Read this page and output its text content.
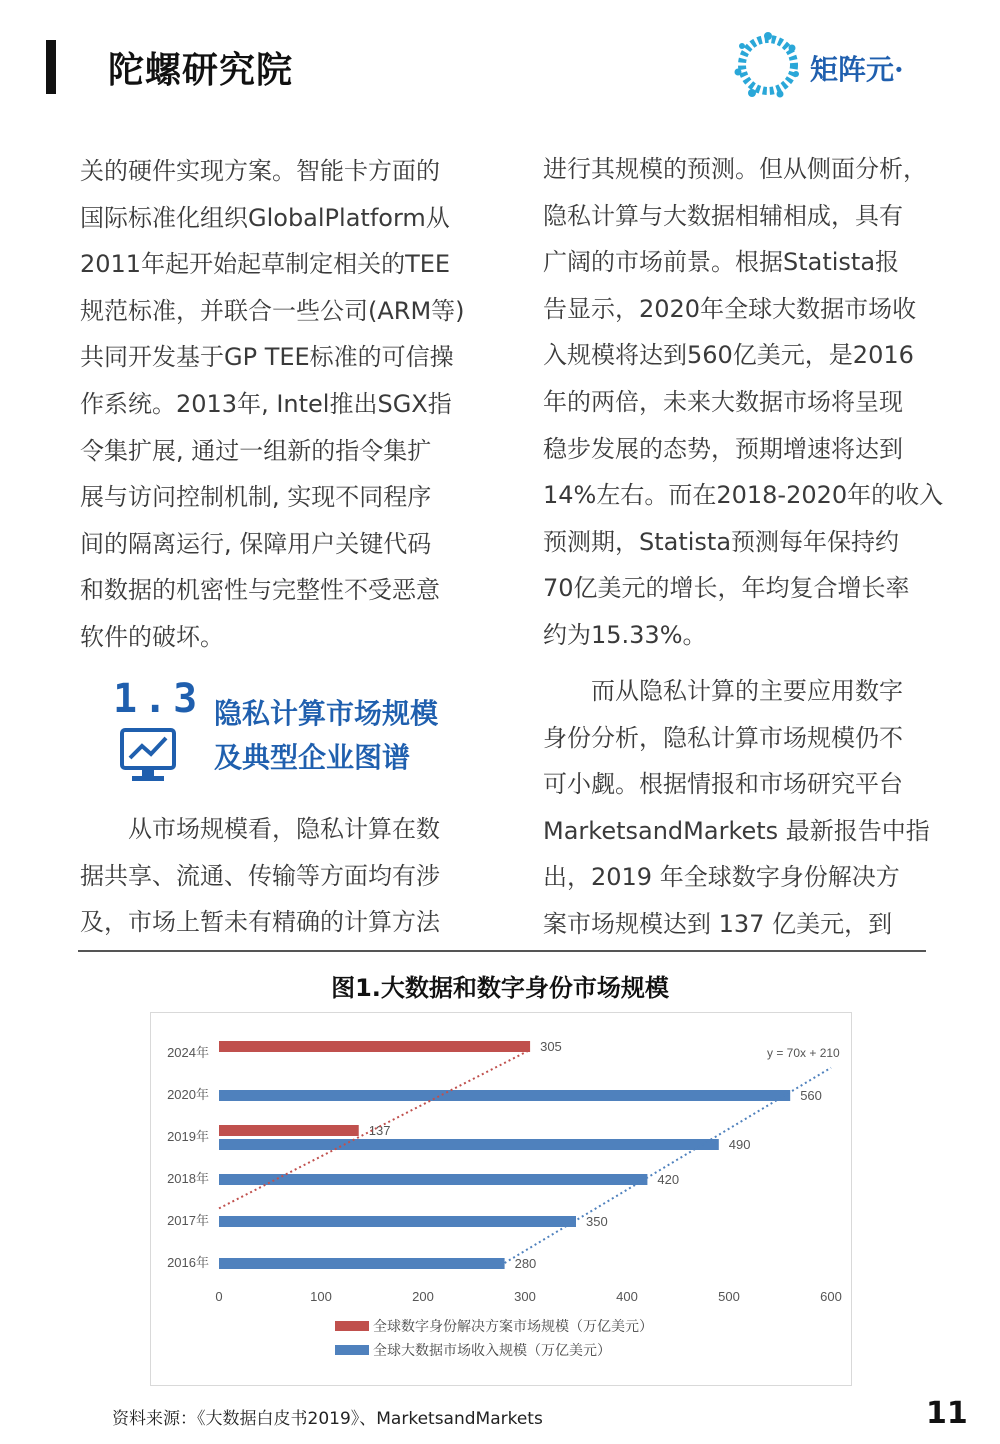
陀螺研究院	矩阵元·

关的硬件实现方案。智能卡方面的
国际标准化组织GlobalPlatform从
2011年起开始起草制定相关的TEE
规范标准，并联合一些公司(ARM等)
共同开发基于GP TEE标准的可信操
作系统。2013年, Intel推出SGX指
令集扩展, 通过一组新的指令集扩
展与访问控制机制, 实现不同程序
间的隔离运行, 保障用户关键代码
和数据的机密性与完整性不受恶意
软件的破坏。

1.3 隐私计算市场规模
及典型企业图谱

从市场规模看，隐私计算在数
据共享、流通、传输等方面均有涉
及，市场上暂未有精确的计算方法

进行其规模的预测。但从侧面分析，
隐私计算与大数据相辅相成，具有
广阔的市场前景。根据Statista报
告显示，2020年全球大数据市场收
入规模将达到560亿美元，是2016
年的两倍，未来大数据市场将呈现
稳步发展的态势，预期增速将达到
14%左右。而在2018-2020年的收入
预测期，Statista预测每年保持约
70亿美元的增长，年均复合增长率
约为15.33%。

而从隐私计算的主要应用数字
身份分析，隐私计算市场规模仍不
可小觑。根据情报和市场研究平台
MarketsandMarkets 最新报告中指
出，2019 年全球数字身份解决方
案市场规模达到 137 亿美元，到

图1.大数据和数字身份市场规模
2024年
2020年
2019年
2018年
2017年
2016年
305
560
137
490
420
350
280
y = 70x + 210
0	100	200	300	400	500	600
全球数字身份解决方案市场规模（万亿美元）
全球大数据市场收入规模（万亿美元）
资料来源：《大数据白皮书2019》、MarketsandMarkets	11
